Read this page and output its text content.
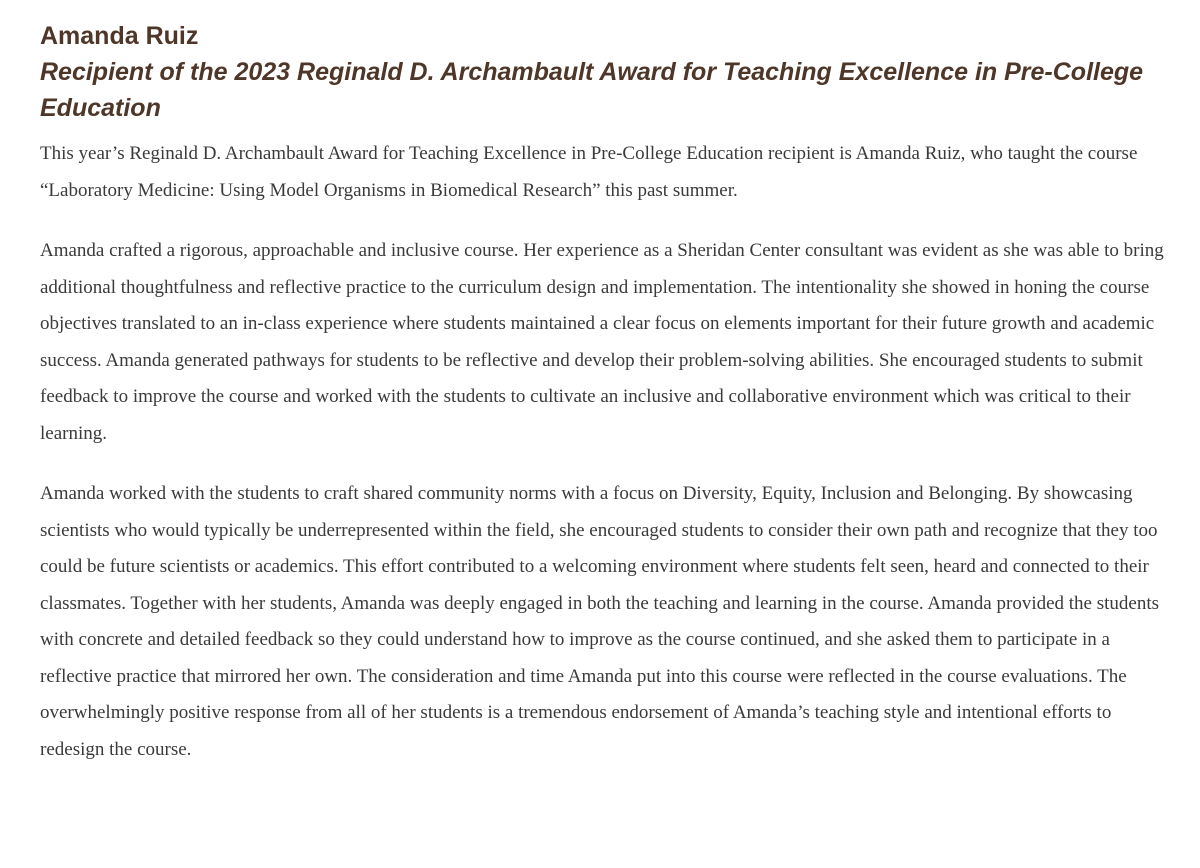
Amanda Ruiz
Recipient of the 2023 Reginald D. Archambault Award for Teaching Excellence in Pre-College Education

This year’s Reginald D. Archambault Award for Teaching Excellence in Pre-College Education recipient is Amanda Ruiz, who taught the course “Laboratory Medicine: Using Model Organisms in Biomedical Research” this past summer.

Amanda crafted a rigorous, approachable and inclusive course. Her experience as a Sheridan Center consultant was evident as she was able to bring additional thoughtfulness and reflective practice to the curriculum design and implementation. The intentionality she showed in honing the course objectives translated to an in-class experience where students maintained a clear focus on elements important for their future growth and academic success. Amanda generated pathways for students to be reflective and develop their problem-solving abilities. She encouraged students to submit feedback to improve the course and worked with the students to cultivate an inclusive and collaborative environment which was critical to their learning.

Amanda worked with the students to craft shared community norms with a focus on Diversity, Equity, Inclusion and Belonging. By showcasing scientists who would typically be underrepresented within the field, she encouraged students to consider their own path and recognize that they too could be future scientists or academics. This effort contributed to a welcoming environment where students felt seen, heard and connected to their classmates. Together with her students, Amanda was deeply engaged in both the teaching and learning in the course. Amanda provided the students with concrete and detailed feedback so they could understand how to improve as the course continued, and she asked them to participate in a reflective practice that mirrored her own. The consideration and time Amanda put into this course were reflected in the course evaluations. The overwhelmingly positive response from all of her students is a tremendous endorsement of Amanda’s teaching style and intentional efforts to redesign the course.
